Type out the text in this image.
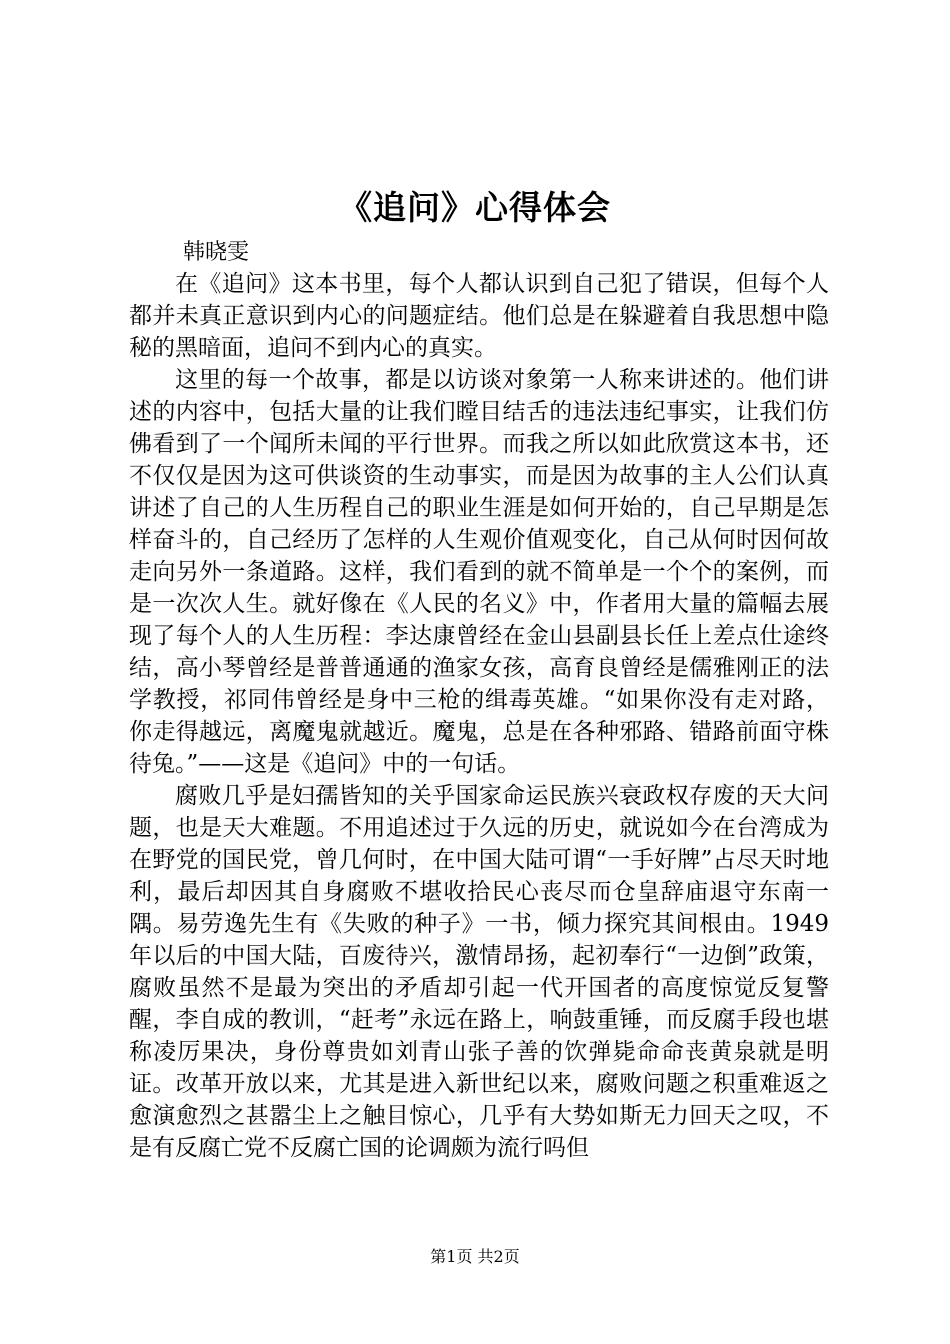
《追问》心得体会
韩晓雯

在《追问》这本书里，每个人都认识到自己犯了错误，但每个人都并未真正意识到内心的问题症结。他们总是在躲避着自我思想中隐秘的黑暗面，追问不到内心的真实。

这里的每一个故事，都是以访谈对象第一人称来讲述的。他们讲述的内容中，包括大量的让我们瞠目结舌的违法违纪事实，让我们仿佛看到了一个闻所未闻的平行世界。而我之所以如此欣赏这本书，还不仅仅是因为这可供谈资的生动事实，而是因为故事的主人公们认真讲述了自己的人生历程自己的职业生涯是如何开始的，自己早期是怎样奋斗的，自己经历了怎样的人生观价值观变化，自己从何时因何故走向另外一条道路。这样，我们看到的就不简单是一个个的案例，而是一次次人生。就好像在《人民的名义》中，作者用大量的篇幅去展现了每个人的人生历程：李达康曾经在金山县副县长任上差点仕途终结，高小琴曾经是普普通通的渔家女孩，高育良曾经是儒雅刚正的法学教授，祁同伟曾经是身中三枪的缉毒英雄。“如果你没有走对路，你走得越远，离魔鬼就越近。魔鬼，总是在各种邪路、错路前面守株待兔。”——这是《追问》中的一句话。

腐败几乎是妇孺皆知的关乎国家命运民族兴衰政权存废的天大问题，也是天大难题。不用追述过于久远的历史，就说如今在台湾成为在野党的国民党，曾几何时，在中国大陆可谓“一手好牌”占尽天时地利，最后却因其自身腐败不堪收拾民心丧尽而仓皇辞庙退守东南一隅。易劳逸先生有《失败的种子》一书，倾力探究其间根由。1949年以后的中国大陆，百废待兴，激情昂扬，起初奉行“一边倒”政策，腐败虽然不是最为突出的矛盾却引起一代开国者的高度惊觉反复警醒，李自成的教训，“赶考”永远在路上，响鼓重锤，而反腐手段也堪称凌厉果决，身份尊贵如刘青山张子善的饮弹毙命命丧黄泉就是明证。改革开放以来，尤其是进入新世纪以来，腐败问题之积重难返之愈演愈烈之甚嚣尘上之触目惊心，几乎有大势如斯无力回天之叹，不是有反腐亡党不反腐亡国的论调颇为流行吗但

第1页 共2页
